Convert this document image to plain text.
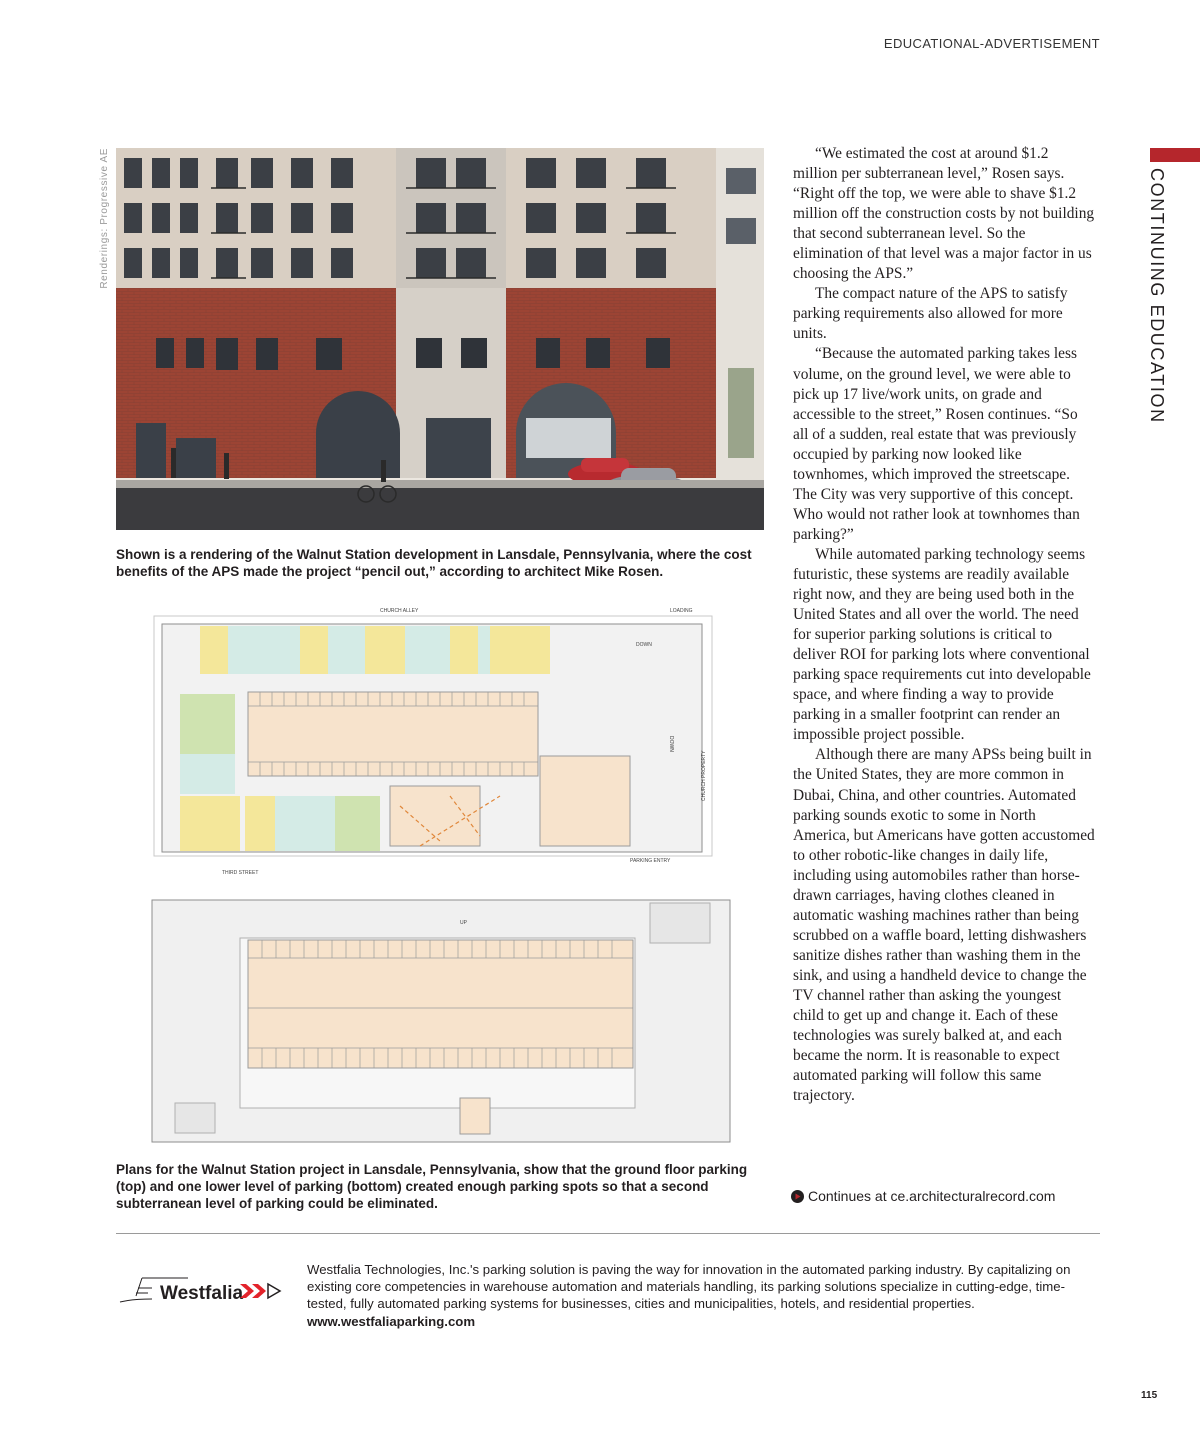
EDUCATIONAL-ADVERTISEMENT
CONTINUING EDUCATION
Renderings: Progressive AE
Shown is a rendering of the Walnut Station development in Lansdale, Pennsylvania, where the cost benefits of the APS made the project “pencil out,” according to architect Mike Rosen.
CHURCH ALLEY	LOADING
DOWN
DOWN
CHURCH PROPERTY
THIRD STREET
PARKING ENTRY
UP
Plans for the Walnut Station project in Lansdale, Pennsylvania, show that the ground floor parking (top) and one lower level of parking (bottom) created enough parking spots so that a second subterranean level of parking could be eliminated.

“We estimated the cost at around $1.2 million per subterranean level,” Rosen says. “Right off the top, we were able to shave $1.2 million off the construction costs by not building that second subterranean level. So the elimination of that level was a major factor in us choosing the APS.”

The compact nature of the APS to satisfy parking requirements also allowed for more units.

“Because the automated parking takes less volume, on the ground level, we were able to pick up 17 live/work units, on grade and accessible to the street,” Rosen continues. “So all of a sudden, real estate that was previously occupied by parking now looked like townhomes, which improved the streetscape. The City was very supportive of this concept. Who would not rather look at townhomes than parking?”

While automated parking technology seems futuristic, these systems are readily available right now, and they are being used both in the United States and all over the world. The need for superior parking solutions is critical to deliver ROI for parking lots where conventional parking space requirements cut into developable space, and where finding a way to provide parking in a smaller footprint can render an impossible project possible.

Although there are many APSs being built in the United States, they are more common in Dubai, China, and other countries. Automated parking sounds exotic to some in North America, but Americans have gotten accustomed to other robotic-like changes in daily life, including using automobiles rather than horse-drawn carriages, having clothes cleaned in automatic washing machines rather than being scrubbed on a waffle board, letting dishwashers sanitize dishes rather than washing them in the sink, and using a handheld device to change the TV channel rather than asking the youngest child to get up and change it. Each of these technologies was surely balked at, and each became the norm. It is reasonable to expect automated parking will follow this same trajectory.

Continues at ce.architecturalrecord.com
Westfalia
Westfalia Technologies, Inc.'s parking solution is paving the way for innovation in the automated parking industry. By capitalizing on existing core competencies in warehouse automation and materials handling, its parking solutions specialize in cutting-edge, time-tested, fully automated parking systems for businesses, cities and municipalities, hotels, and residential properties. www.westfaliaparking.com
115
